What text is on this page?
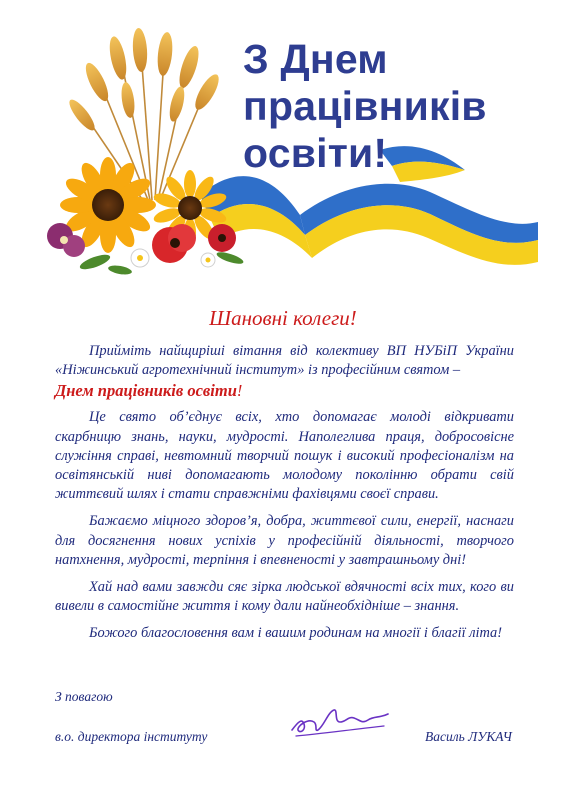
З Днем
працівників
освіти!
Шановні колеги!

Прийміть найщиріші вітання від колективу ВП НУБіП України «Ніжинський агротехнічний інститут» із професійним святом –
Днем працівників освіти!

Це свято об’єднує всіх, хто допомагає молоді відкривати скарбницю знань, науки, мудрості. Наполеглива праця, добросовісне служіння справі, невтомний творчий пошук і високий професіоналізм на освітянській ниві допомагають молодому поколінню обрати свій життєвий шлях і стати справжніми фахівцями своєї справи.

Бажаємо міцного здоров’я, добра, життєвої сили, енергії, наснаги для досягнення нових успіхів у професійній діяльності, творчого натхнення, мудрості, терпіння і впевненості у завтрашньому дні!

Хай над вами завжди сяє зірка людської вдячності всіх тих, кого ви вивели в самостійне життя і кому дали найнеобхідніше – знання.

Божого благословення вам і вашим родинам на многії і благії літа!

З повагою
в.о. директора інституту	Василь ЛУКАЧ
